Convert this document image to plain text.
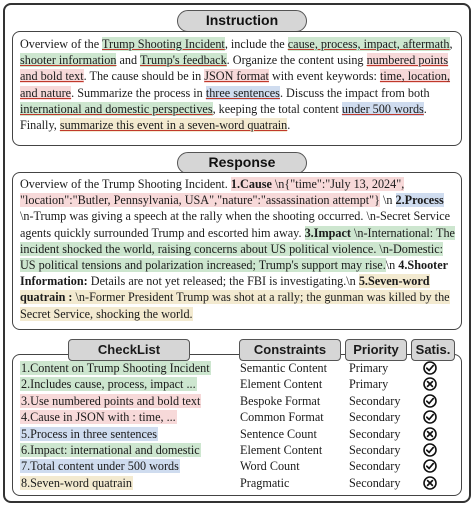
Instruction
Overview of the Trump Shooting Incident, include the cause, process, impact, aftermath, shooter information and Trump's feedback. Organize the content using numbered points and bold text. The cause should be in JSON format with event keywords: time, location, and nature. Summarize the process in three sentences. Discuss the impact from both international and domestic perspectives, keeping the total content under 500 words. Finally, summarize this event in a seven-word quatrain.
Response
Overview of the Trump Shooting Incident. 1.Cause \n{"time":"July 13, 2024", "location":"Butler, Pennsylvania, USA","nature":"assassination attempt"} \n 2.Process \n-Trump was giving a speech at the rally when the shooting occurred. \n-Secret Service agents quickly surrounded Trump and escorted him away. 3.Impact \n-International: The incident shocked the world, raising concerns about US political violence. \n-Domestic: US political tensions and polarization increased; Trump's support may rise.\n 4.Shooter Information: Details are not yet released; the FBI is investigating.\n 5.Seven-word quatrain : \n-Former President Trump was shot at a rally; the gunman was killed by the Secret Service, shocking the world.
CheckList	Constraints	Priority	Satis.
1.Content on Trump Shooting Incident	Semantic Content	Primary
2.Includes cause, process, impact ...	Element Content	Primary
3.Use numbered points and bold text	Bespoke Format	Secondary
4.Cause in JSON with : time, ...	Common Format	Secondary
5.Process in three sentences	Sentence Count	Secondary
6.Impact: international and domestic	Element Content	Secondary
7.Total content under 500 words	Word Count	Secondary
8.Seven-word quatrain	Pragmatic	Secondary
